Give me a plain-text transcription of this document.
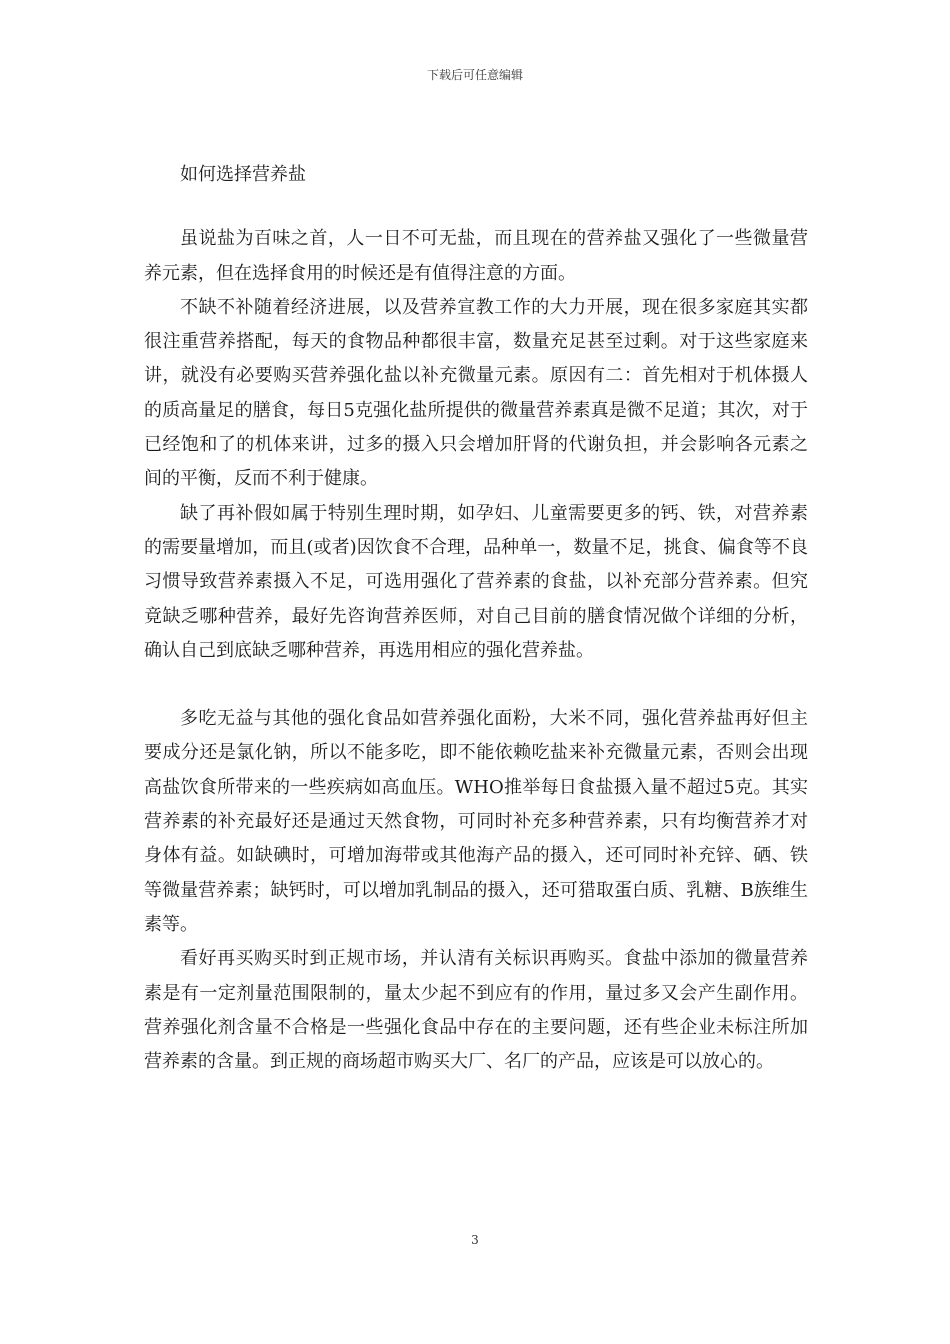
下载后可任意编辑

如何选择营养盐

虽说盐为百味之首，人一日不可无盐，而且现在的营养盐又强化了一些微量营养元素，但在选择食用的时候还是有值得注意的方面。

不缺不补随着经济进展，以及营养宣教工作的大力开展，现在很多家庭其实都很注重营养搭配，每天的食物品种都很丰富，数量充足甚至过剩。对于这些家庭来讲，就没有必要购买营养强化盐以补充微量元素。原因有二：首先相对于机体摄人的质高量足的膳食，每日5克强化盐所提供的微量营养素真是微不足道；其次，对于已经饱和了的机体来讲，过多的摄入只会增加肝肾的代谢负担，并会影响各元素之间的平衡，反而不利于健康。

缺了再补假如属于特别生理时期，如孕妇、儿童需要更多的钙、铁，对营养素的需要量增加，而且(或者)因饮食不合理，品种单一，数量不足，挑食、偏食等不良习惯导致营养素摄入不足，可选用强化了营养素的食盐，以补充部分营养素。但究竟缺乏哪种营养，最好先咨询营养医师，对自己目前的膳食情况做个详细的分析，确认自己到底缺乏哪种营养，再选用相应的强化营养盐。

多吃无益与其他的强化食品如营养强化面粉，大米不同，强化营养盐再好但主要成分还是氯化钠，所以不能多吃，即不能依赖吃盐来补充微量元素，否则会出现高盐饮食所带来的一些疾病如高血压。WHO推举每日食盐摄入量不超过5克。其实营养素的补充最好还是通过天然食物，可同时补充多种营养素，只有均衡营养才对身体有益。如缺碘时，可增加海带或其他海产品的摄入，还可同时补充锌、硒、铁等微量营养素；缺钙时，可以增加乳制品的摄入，还可猎取蛋白质、乳糖、B族维生素等。

看好再买购买时到正规市场，并认清有关标识再购买。食盐中添加的微量营养素是有一定剂量范围限制的，量太少起不到应有的作用，量过多又会产生副作用。营养强化剂含量不合格是一些强化食品中存在的主要问题，还有些企业未标注所加营养素的含量。到正规的商场超市购买大厂、名厂的产品，应该是可以放心的。

3
